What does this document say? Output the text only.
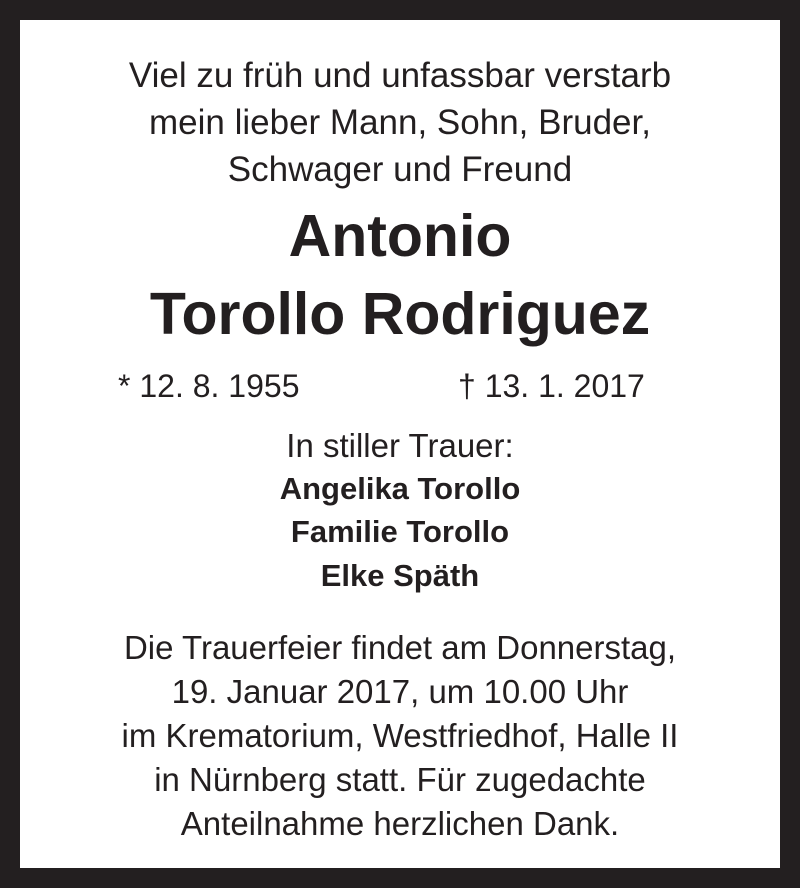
Viel zu früh und unfassbar verstarb
mein lieber Mann, Sohn, Bruder,
Schwager und Freund
Antonio
Torollo Rodriguez
* 12. 8. 1955	† 13. 1. 2017
In stiller Trauer:
Angelika Torollo
Familie Torollo
Elke Späth
Die Trauerfeier findet am Donnerstag,
19. Januar 2017, um 10.00 Uhr
im Krematorium, Westfriedhof, Halle II
in Nürnberg statt. Für zugedachte
Anteilnahme herzlichen Dank.
